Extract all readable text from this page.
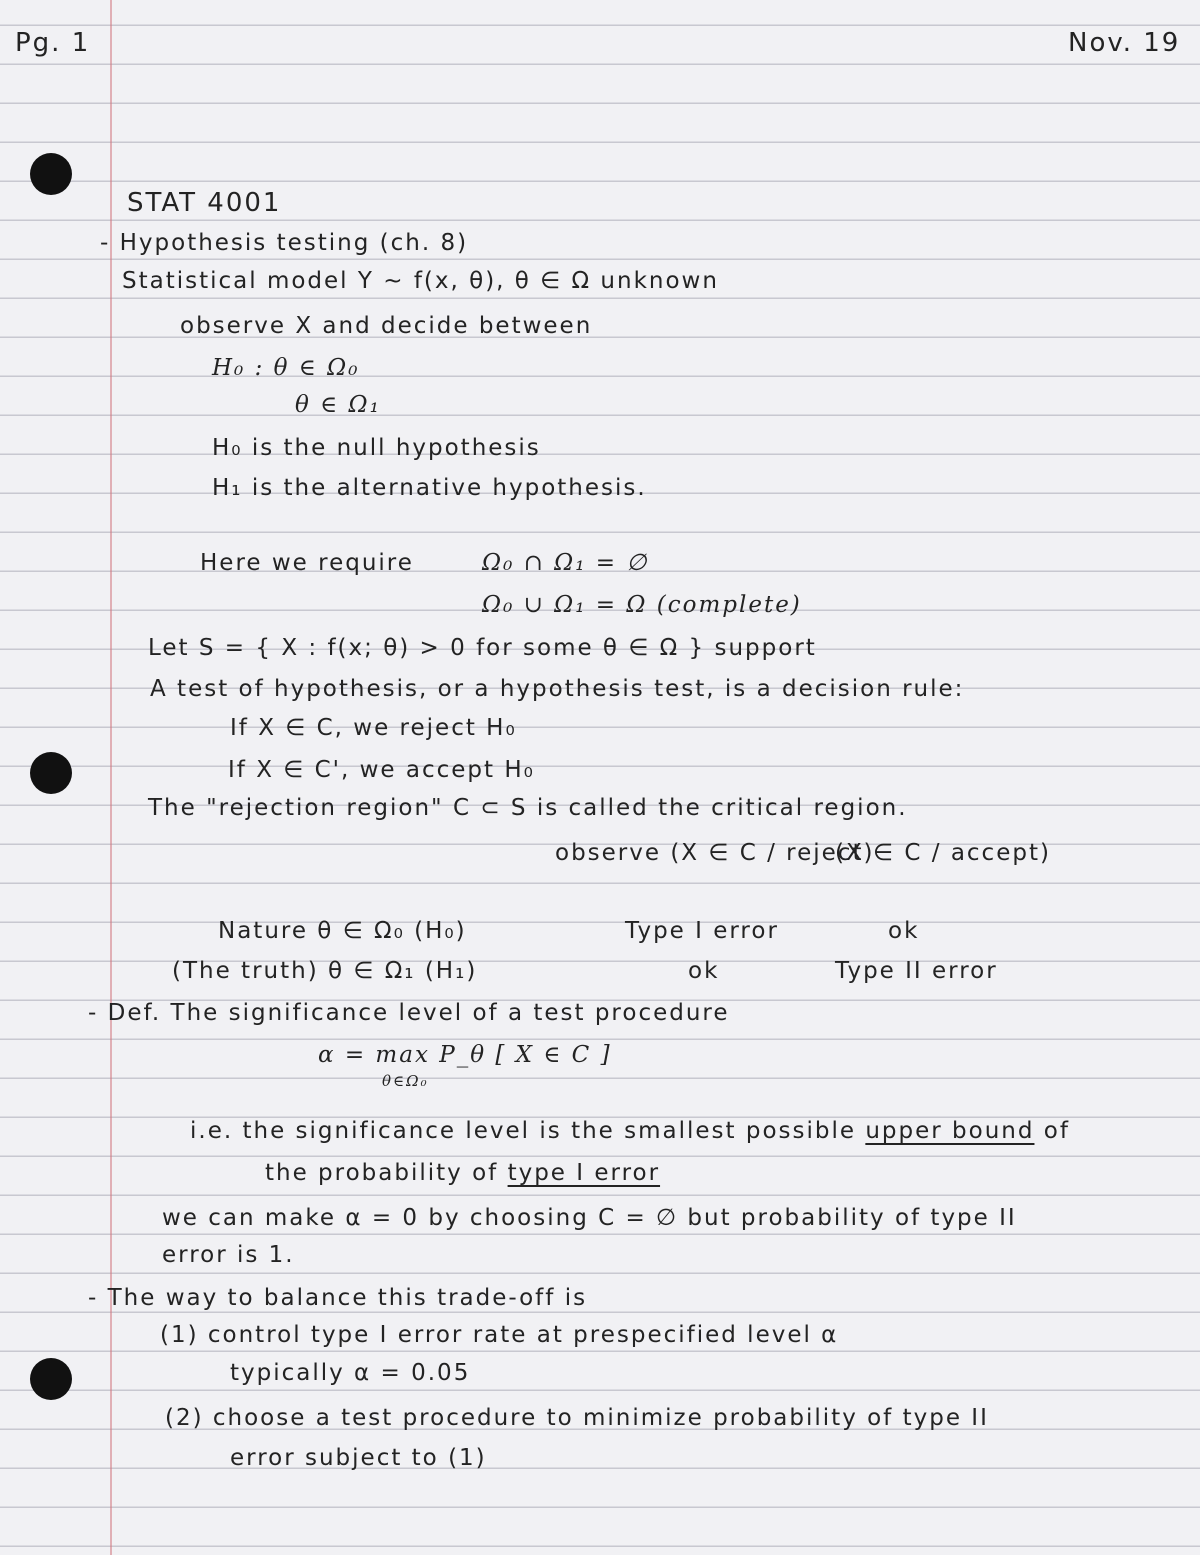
Pg. 1	Nov. 19
STAT 4001
- Hypothesis testing (ch. 8)
Statistical model Y ~ f(x, θ), θ ∈ Ω unknown
observe X and decide between
H₀ : θ ∈ Ω₀
θ ∈ Ω₁
H₀ is the null hypothesis
H₁ is the alternative hypothesis.
Here we require	Ω₀ ∩ Ω₁ = ∅
Ω₀ ∪ Ω₁ = Ω (complete)
Let S = { X : f(x; θ) > 0 for some θ ∈ Ω } support
A test of hypothesis, or a hypothesis test, is a decision rule:
If X ∈ C, we reject H₀
If X ∈ C', we accept H₀
The "rejection region" C ⊂ S is called the critical region.
observe (X ∈ C / reject)
(X ∈ C / accept)
Nature θ ∈ Ω₀ (H₀)	Type I error	ok
(The truth) θ ∈ Ω₁ (H₁)	ok	Type II error
- Def. The significance level of a test procedure
α = max P_θ [ X ∈ C ]
θ∈Ω₀
i.e. the significance level is the smallest possible upper bound of
the probability of type I error
we can make α = 0 by choosing C = ∅ but probability of type II
error is 1.
- The way to balance this trade-off is
(1) control type I error rate at prespecified level α
typically α = 0.05
(2) choose a test procedure to minimize probability of type II
error subject to (1)
